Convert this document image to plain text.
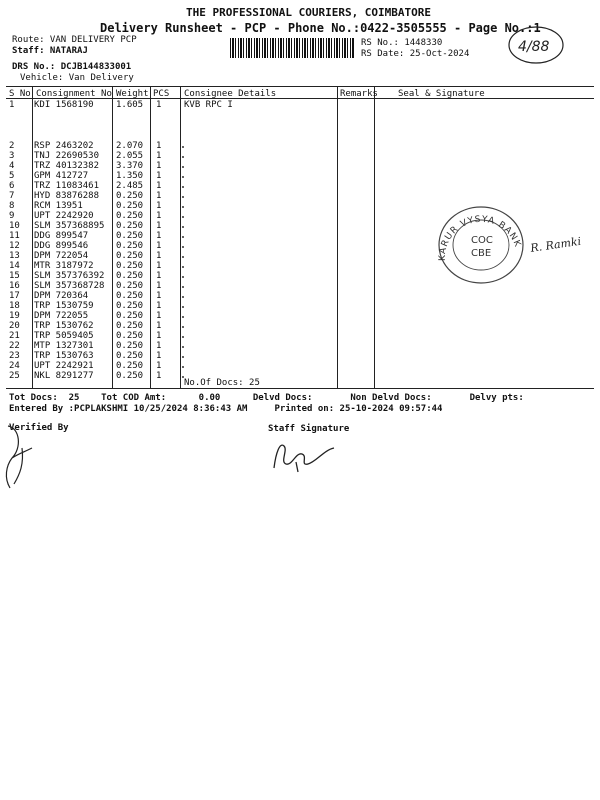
THE PROFESSIONAL COURIERS, COIMBATORE
Delivery Runsheet - PCP - Phone No.:0422-3505555 - Page No.:1
Route: VAN DELIVERY PCP
Staff: NATARAJ
DRS No.: DCJB144833001
Vehicle: Van Delivery
RS No.: 1448330
RS Date: 25-Oct-2024	4/88
S No Consignment No Weight PCS Consignee Details	Remarks Seal & Signature
1 KDI 1568190 1.605 1	KVB RPC I
2 RSP 2463202 2.070 1
3 TNJ 22690530 2.055 1
4 TRZ 40132382 3.370 1
5 GPM 412727	1.350 1
6 TRZ 11083461 2.485 1
7 HYD 83876288 0.250 1
8 RCM 13951	0.250 1
9 UPT 2242920 0.250 1
10 SLM 357368895 0.250 1
11 DDG 899547	0.250 1
12 DDG 899546	0.250 1
13 DPM 722054	0.250 1
14 MTR 3187972 0.250 1
15 SLM 357376392 0.250 1
16 SLM 357368728 0.250 1
17 DPM 720364	0.250 1
18 TRP 1530759 0.250 1
19 DPM 722055	0.250 1
20 TRP 1530762 0.250 1
21 TRP 5059405 0.250 1
22 MTP 1327301 0.250 1
23 TRP 1530763 0.250 1
24 UPT 2242921 0.250 1
25 NKL 8291277 0.250 1
No.Of Docs: 25
Tot Docs:  25    Tot COD Amt:      0.00      Delvd Docs:       Non Delvd Docs:       Delvy pts:
Entered By :PCPLAKSHMI 10/25/2024 8:36:43 AM     Printed on: 25-10-2024 09:57:44
Verified By	Staff Signature
KARUR VYSYA BANK
COC
CBE	R. Ramki
